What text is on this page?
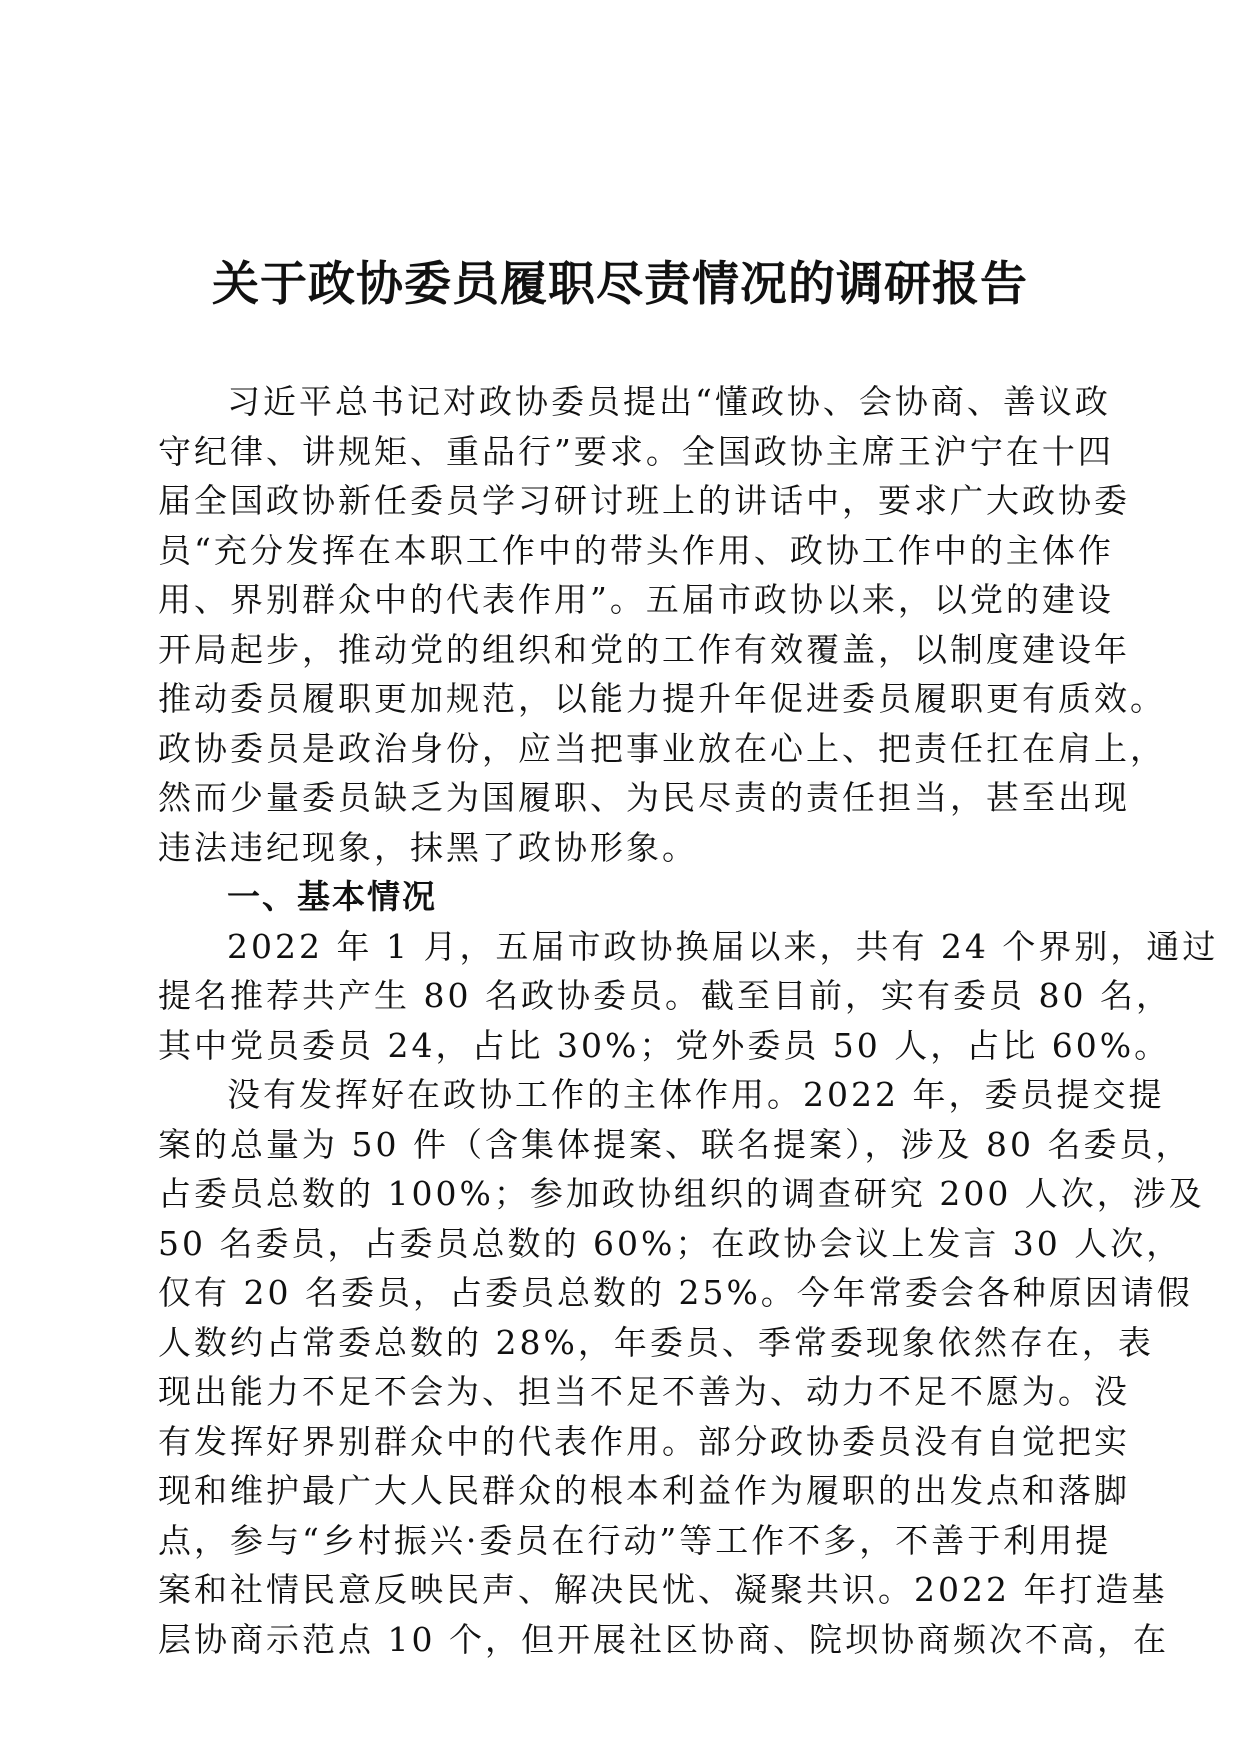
关于政协委员履职尽责情况的调研报告
习近平总书记对政协委员提出“懂政协、会协商、善议政
守纪律、讲规矩、重品行”要求。全国政协主席王沪宁在十四
届全国政协新任委员学习研讨班上的讲话中，要求广大政协委
员“充分发挥在本职工作中的带头作用、政协工作中的主体作
用、界别群众中的代表作用”。五届市政协以来，以党的建设
开局起步，推动党的组织和党的工作有效覆盖，以制度建设年
推动委员履职更加规范，以能力提升年促进委员履职更有质效。
政协委员是政治身份，应当把事业放在心上、把责任扛在肩上，
然而少量委员缺乏为国履职、为民尽责的责任担当，甚至出现
违法违纪现象，抹黑了政协形象。
一、基本情况
2022 年 1 月，五届市政协换届以来，共有 24 个界别，通过
提名推荐共产生 80 名政协委员。截至目前，实有委员 80 名，
其中党员委员 24，占比 30%；党外委员 50 人，占比 60%。
没有发挥好在政协工作的主体作用。2022 年，委员提交提
案的总量为 50 件（含集体提案、联名提案），涉及 80 名委员，
占委员总数的 100%；参加政协组织的调查研究 200 人次，涉及
50 名委员，占委员总数的 60%；在政协会议上发言 30 人次，
仅有 20 名委员，占委员总数的 25%。今年常委会各种原因请假
人数约占常委总数的 28%，年委员、季常委现象依然存在，表
现出能力不足不会为、担当不足不善为、动力不足不愿为。没
有发挥好界别群众中的代表作用。部分政协委员没有自觉把实
现和维护最广大人民群众的根本利益作为履职的出发点和落脚
点，参与“乡村振兴·委员在行动”等工作不多，不善于利用提
案和社情民意反映民声、解决民忧、凝聚共识。2022 年打造基
层协商示范点 10 个，但开展社区协商、院坝协商频次不高，在
